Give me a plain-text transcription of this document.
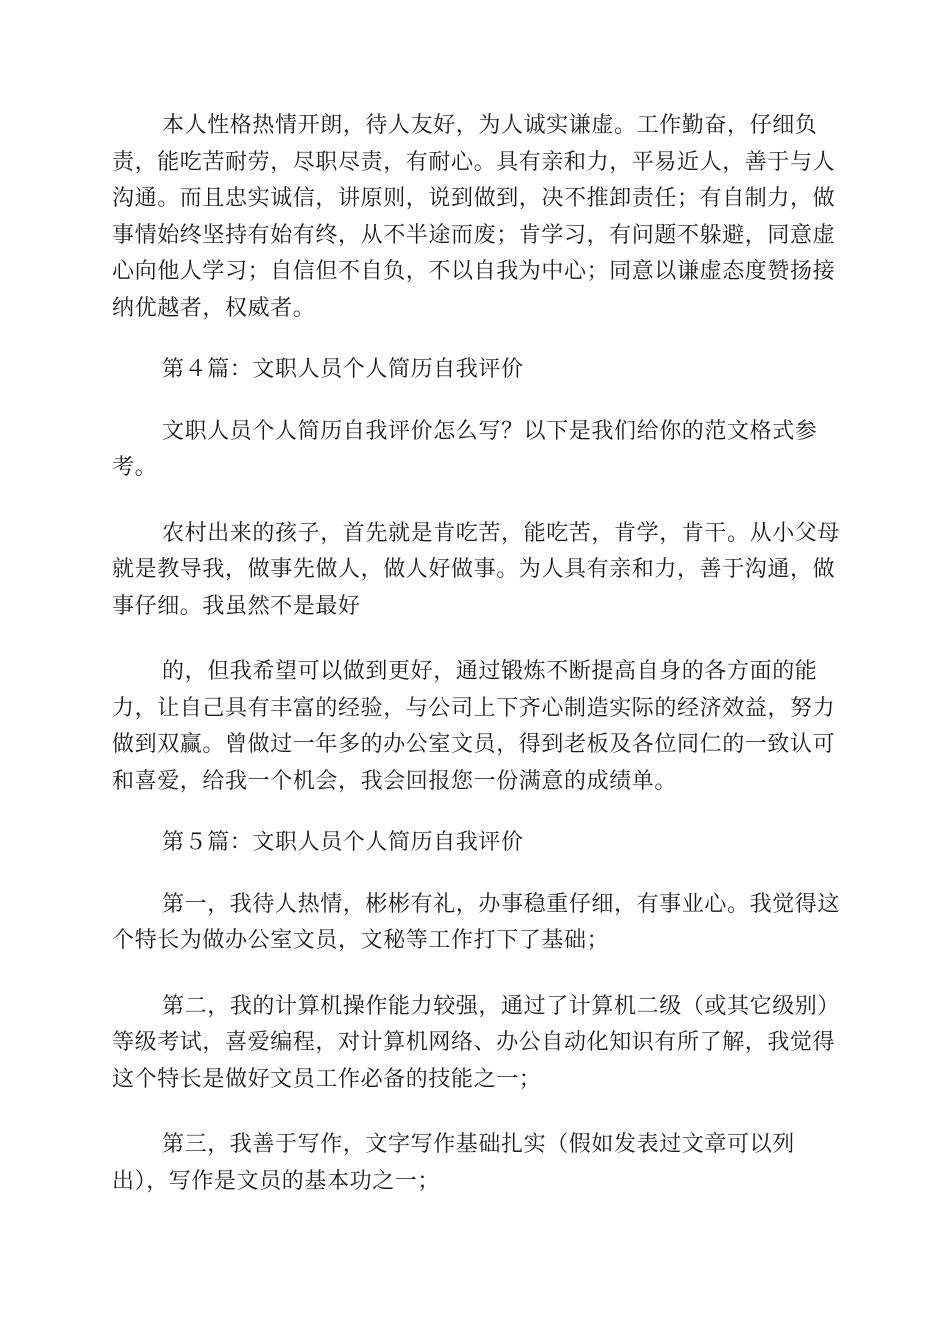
本人性格热情开朗，待人友好，为人诚实谦虚。工作勤奋，仔细负
责，能吃苦耐劳，尽职尽责，有耐心。具有亲和力，平易近人，善于与人
沟通。而且忠实诚信，讲原则，说到做到，决不推卸责任；有自制力，做
事情始终坚持有始有终，从不半途而废；肯学习，有问题不躲避，同意虚
心向他人学习；自信但不自负，不以自我为中心；同意以谦虚态度赞扬接
纳优越者，权威者。

第４篇：文职人员个人简历自我评价

文职人员个人简历自我评价怎么写？以下是我们给你的范文格式参
考。

农村出来的孩子，首先就是肯吃苦，能吃苦，肯学，肯干。从小父母
就是教导我，做事先做人，做人好做事。为人具有亲和力，善于沟通，做
事仔细。我虽然不是最好

的，但我希望可以做到更好，通过锻炼不断提高自身的各方面的能
力，让自己具有丰富的经验，与公司上下齐心制造实际的经济效益，努力
做到双赢。曾做过一年多的办公室文员，得到老板及各位同仁的一致认可
和喜爱，给我一个机会，我会回报您一份满意的成绩单。

第５篇：文职人员个人简历自我评价

第一，我待人热情，彬彬有礼，办事稳重仔细，有事业心。我觉得这
个特长为做办公室文员，文秘等工作打下了基础；

第二，我的计算机操作能力较强，通过了计算机二级（或其它级别）
等级考试，喜爱编程，对计算机网络、办公自动化知识有所了解，我觉得
这个特长是做好文员工作必备的技能之一；

第三，我善于写作，文字写作基础扎实（假如发表过文章可以列
出），写作是文员的基本功之一；
